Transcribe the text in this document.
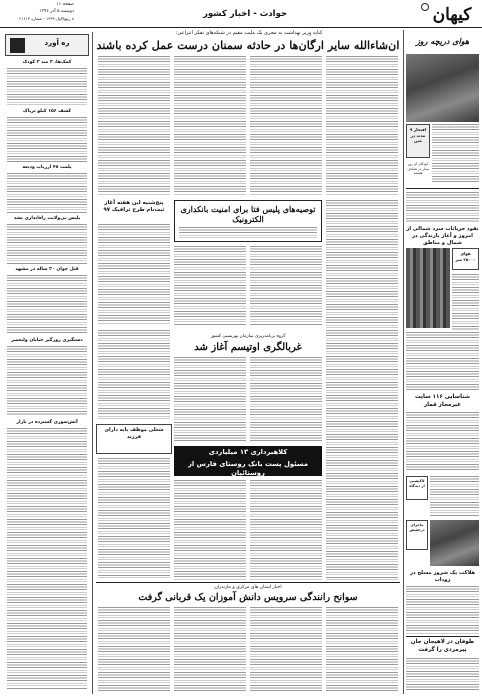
کیهان
حوادث - اخبار کشور
صفحه ۱۱
دوشنبه ۵ آذر ۱۳۹۶
۸ ربیع‌الاول ۱۴۳۹ - شماره ۲۱۶۱۳
ره آورد
کمک‌ها، ۳ صد ۳ کودک
کشف ۱۵۶ کیلو تریاک
پلمب ۴۸ ارزیاب ودیعه
پلیس بی‌ولایت راه‌اندازی نشد
قتل جوان ۲۰ ساله در مشهد
دستگیری زورگیر خیابان ولیعصر
آتش‌سوزی گسترده در بازار
کنایه وزیر بهداشت به مجری یک ملیت مقیم در شبکه‌های تفکر انتزاعی:
ان‌شاءالله سایر ارگان‌ها در حادثه سمنان درست عمل کرده باشند
توصیه‌های پلیس فتا برای امنیت بانکداری الکترونیک
پنج‌شنبه این هفته آغاز ثبت‌نام طرح ترافیک ۹۷
گروه برنامه‌ریزی سازمان بهزیستی کشور
غربالگری اوتیسم آغاز شد
شغلی موظف پایه دارای فرزند
کلاهبرداری ۱۳ میلیاردی
مسئول پست بانک روستای فارس از روستائیان
اخبار استان های مرکزی و مازندران
سوانح رانندگی سرویس دانش آموزان یک قربانی گرفت
هوای دریچه روز
افتخار ۹ مدت در مین
کودکان آن روز بیمار در تصادف هستند
نفوذ جریانات سرد شمالی از امروز و آغاز بارندگی در شمال و مناطق
هوای ۲۵۰۰۰ متر
شناسایی ۱۱۶ سایت غیرمجاز قمار
لاکپشتی از دیدگاه
ماجرای درخشش
هلاکت یک شرور مسلح در روداب
طوفان در لاهیجان جان پیرمردی را گرفت
